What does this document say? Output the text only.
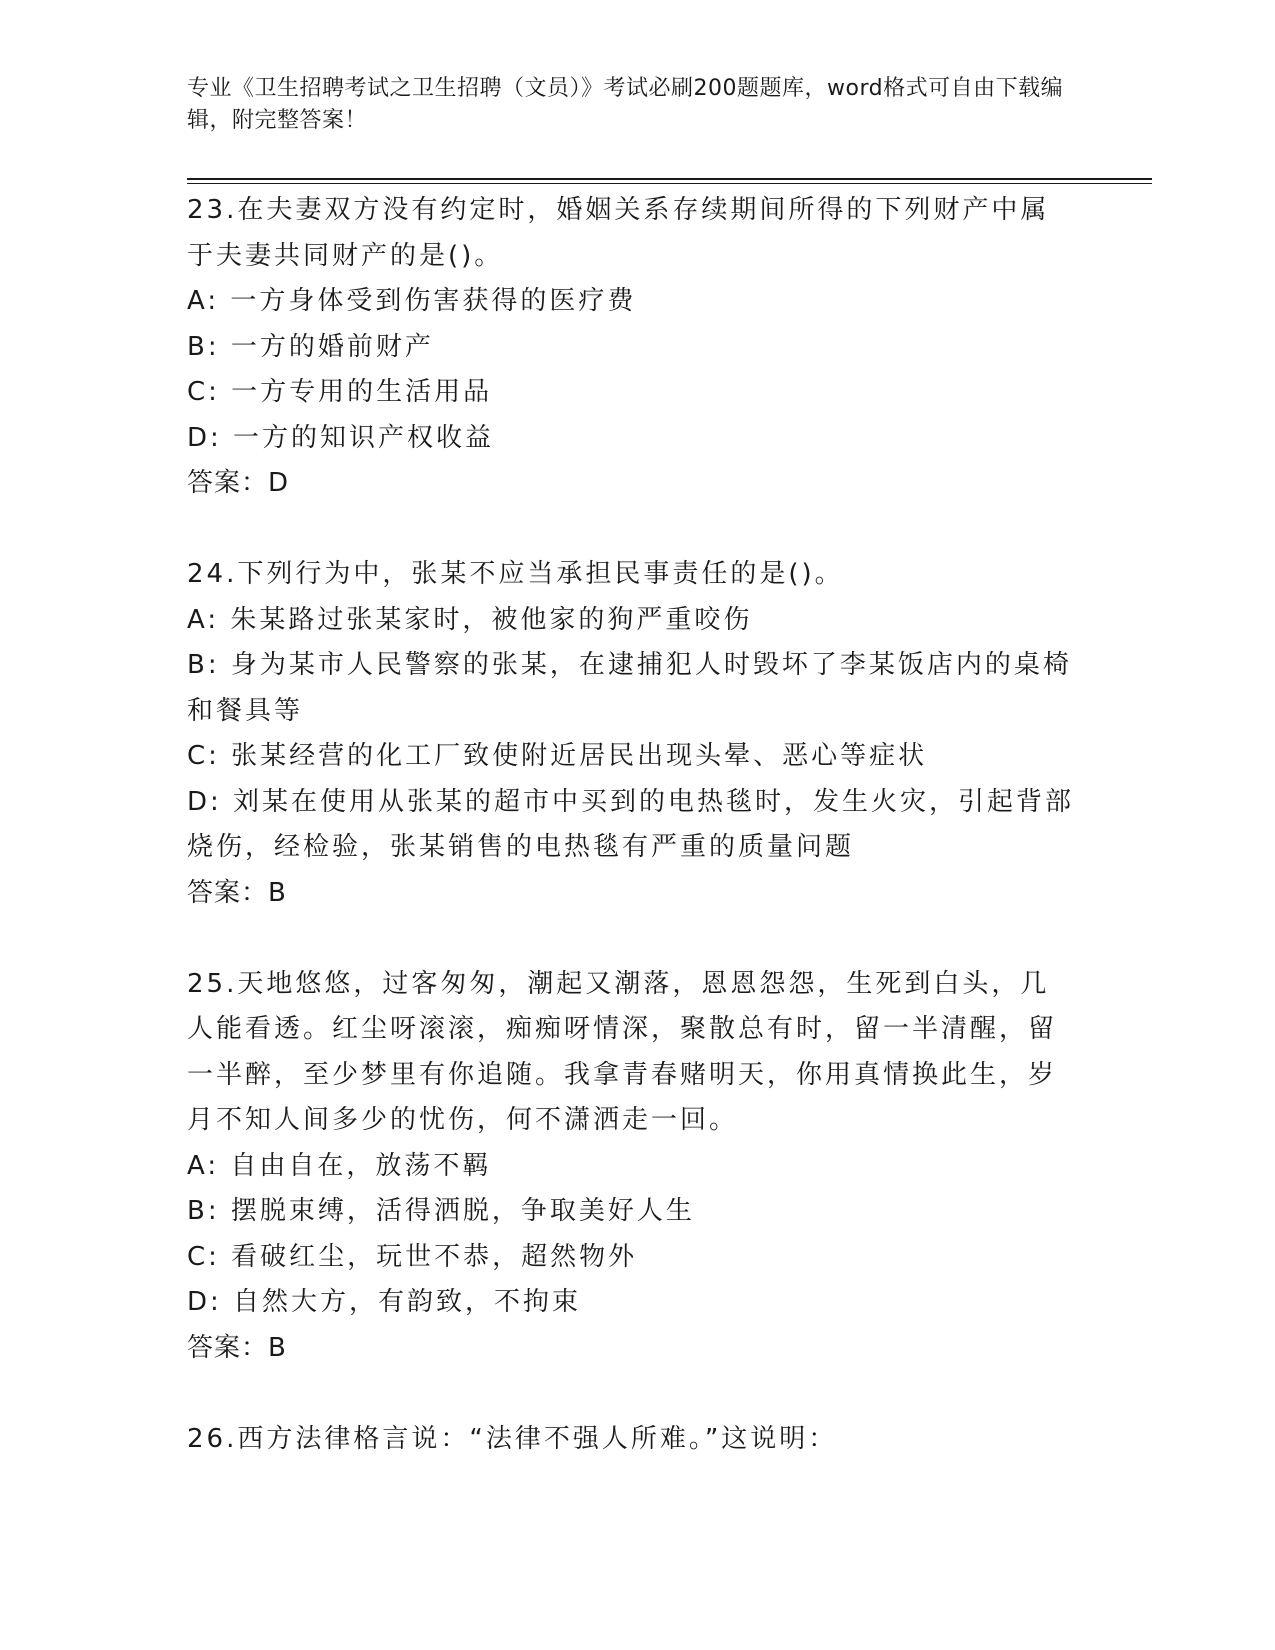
专业《卫生招聘考试之卫生招聘（文员）》考试必刷200题题库，word格式可自由下载编辑，附完整答案！

23.在夫妻双方没有约定时，婚姻关系存续期间所得的下列财产中属于夫妻共同财产的是()。

A: 一方身体受到伤害获得的医疗费

B: 一方的婚前财产

C: 一方专用的生活用品

D: 一方的知识产权收益

答案：D

24.下列行为中，张某不应当承担民事责任的是()。

A: 朱某路过张某家时，被他家的狗严重咬伤

B: 身为某市人民警察的张某，在逮捕犯人时毁坏了李某饭店内的桌椅和餐具等

C: 张某经营的化工厂致使附近居民出现头晕、恶心等症状

D: 刘某在使用从张某的超市中买到的电热毯时，发生火灾，引起背部烧伤，经检验，张某销售的电热毯有严重的质量问题

答案：B

25.天地悠悠，过客匆匆，潮起又潮落，恩恩怨怨，生死到白头，几人能看透。红尘呀滚滚，痴痴呀情深，聚散总有时，留一半清醒，留一半醉，至少梦里有你追随。我拿青春赌明天，你用真情换此生，岁月不知人间多少的忧伤，何不潇洒走一回。

A: 自由自在，放荡不羁

B: 摆脱束缚，活得洒脱，争取美好人生

C: 看破红尘，玩世不恭，超然物外

D: 自然大方，有韵致，不拘束

答案：B

26.西方法律格言说：“法律不强人所难。”这说明：
